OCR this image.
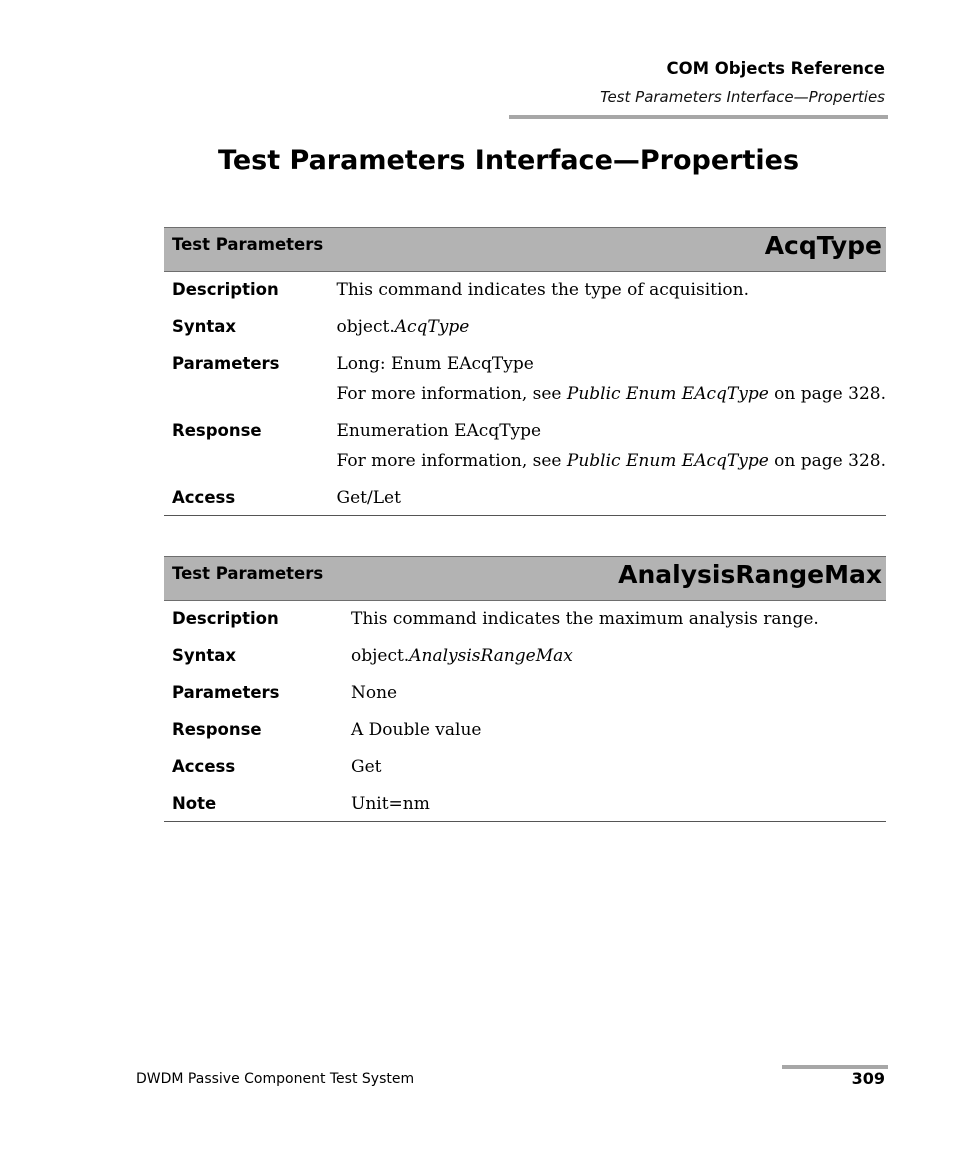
COM Objects Reference
Test Parameters Interface—Properties
Test Parameters Interface—Properties
Test Parameters	AcqType

Description	This command indicates the type of acquisition.
Syntax	object.AcqType
Parameters	Long: Enum EAcqType
For more information, see Public Enum EAcqType on page 328.

Response	Enumeration EAcqType
For more information, see Public Enum EAcqType on page 328.

Access	Get/Let
Test Parameters	AnalysisRangeMax

Description	This command indicates the maximum analysis range.
Syntax	object.AnalysisRangeMax
Parameters	None
Response	A Double value
Access	Get
Note	Unit=nm
DWDM Passive Component Test System	309
